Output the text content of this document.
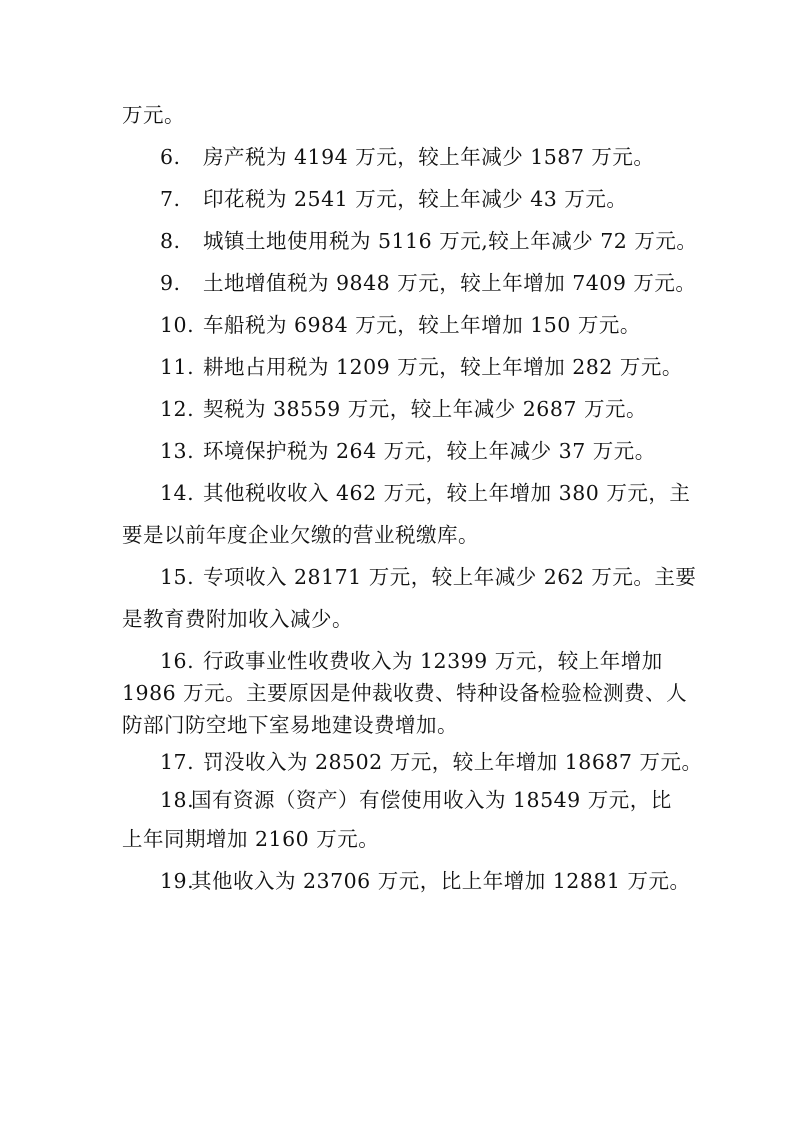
万元。
6. 房产税为 4194 万元，较上年减少 1587 万元。
7. 印花税为 2541 万元，较上年减少 43 万元。
8. 城镇土地使用税为 5116 万元,较上年减少 72 万元。
9. 土地增值税为 9848 万元，较上年增加 7409 万元。
10. 车船税为 6984 万元，较上年增加 150 万元。
11. 耕地占用税为 1209 万元，较上年增加 282 万元。
12. 契税为 38559 万元，较上年减少 2687 万元。
13. 环境保护税为 264 万元，较上年减少 37 万元。
14. 其他税收收入 462 万元，较上年增加 380 万元，主
要是以前年度企业欠缴的营业税缴库。
15. 专项收入 28171 万元，较上年减少 262 万元。主要
是教育费附加收入减少。
16. 行政事业性收费收入为 12399 万元，较上年增加
1986 万元。主要原因是仲裁收费、特种设备检验检测费、人
防部门防空地下室易地建设费增加。
17. 罚没收入为 28502 万元，较上年增加 18687 万元。
18.国有资源（资产）有偿使用收入为 18549 万元，比
上年同期增加 2160 万元。
19.其他收入为 23706 万元，比上年增加 12881 万元。
